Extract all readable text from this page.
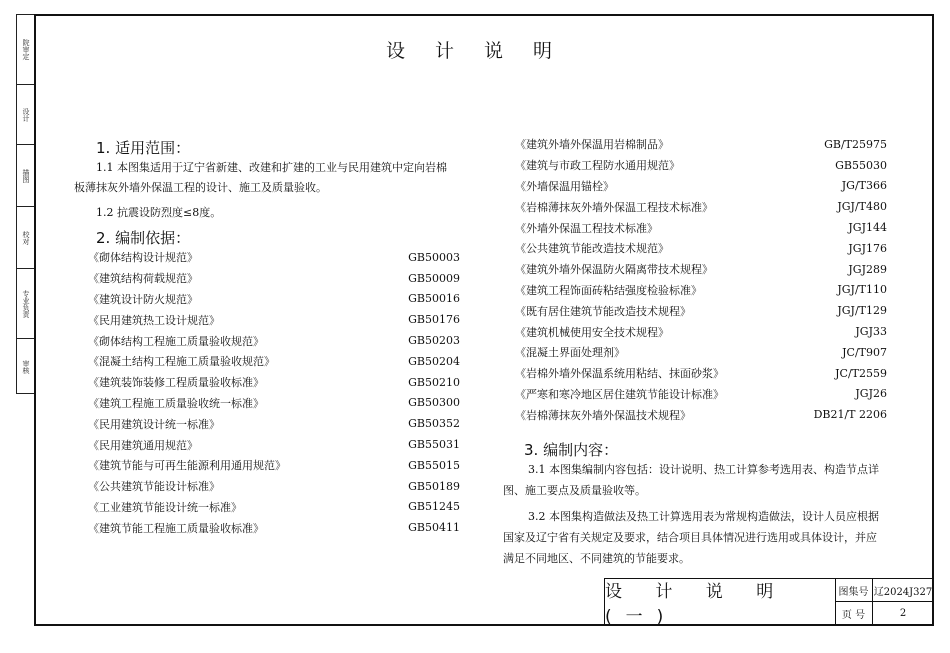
院审定
设计
描图
校对
专业负责
审核
设 计 说 明
1. 适用范围：
1.1 本图集适用于辽宁省新建、改建和扩建的工业与民用建筑中定向岩棉
板薄抹灰外墙外保温工程的设计、施工及质量验收。
1.2 抗震设防烈度≤8度。
2. 编制依据：
《砌体结构设计规范》	GB50003
《建筑结构荷载规范》	GB50009
《建筑设计防火规范》	GB50016
《民用建筑热工设计规范》	GB50176
《砌体结构工程施工质量验收规范》	GB50203
《混凝土结构工程施工质量验收规范》	GB50204
《建筑装饰装修工程质量验收标准》	GB50210
《建筑工程施工质量验收统一标准》	GB50300
《民用建筑设计统一标准》	GB50352
《民用建筑通用规范》	GB55031
《建筑节能与可再生能源利用通用规范》	GB55015
《公共建筑节能设计标准》	GB50189
《工业建筑节能设计统一标准》	GB51245
《建筑节能工程施工质量验收标准》	GB50411
《建筑外墙外保温用岩棉制品》	GB/T25975
《建筑与市政工程防水通用规范》	GB55030
《外墙保温用锚栓》	JG/T366
《岩棉薄抹灰外墙外保温工程技术标准》	JGJ/T480
《外墙外保温工程技术标准》	JGJ144
《公共建筑节能改造技术规范》	JGJ176
《建筑外墙外保温防火隔离带技术规程》	JGJ289
《建筑工程饰面砖粘结强度检验标准》	JGJ/T110
《既有居住建筑节能改造技术规程》	JGJ/T129
《建筑机械使用安全技术规程》	JGJ33
《混凝土界面处理剂》	JC/T907
《岩棉外墙外保温系统用粘结、抹面砂浆》	JC/T2559
《严寒和寒冷地区居住建筑节能设计标准》	JGJ26
《岩棉薄抹灰外墙外保温技术规程》	DB21/T 2206
3. 编制内容：
3.1 本图集编制内容包括：设计说明、热工计算参考选用表、构造节点详
图、施工要点及质量验收等。
3.2 本图集构造做法及热工计算选用表为常规构造做法，设计人员应根据
国家及辽宁省有关规定及要求，结合项目具体情况进行选用或具体设计，并应
满足不同地区、不同建筑的节能要求。
设 计 说 明 (一)
图集号 辽2024J327
页 号	2
